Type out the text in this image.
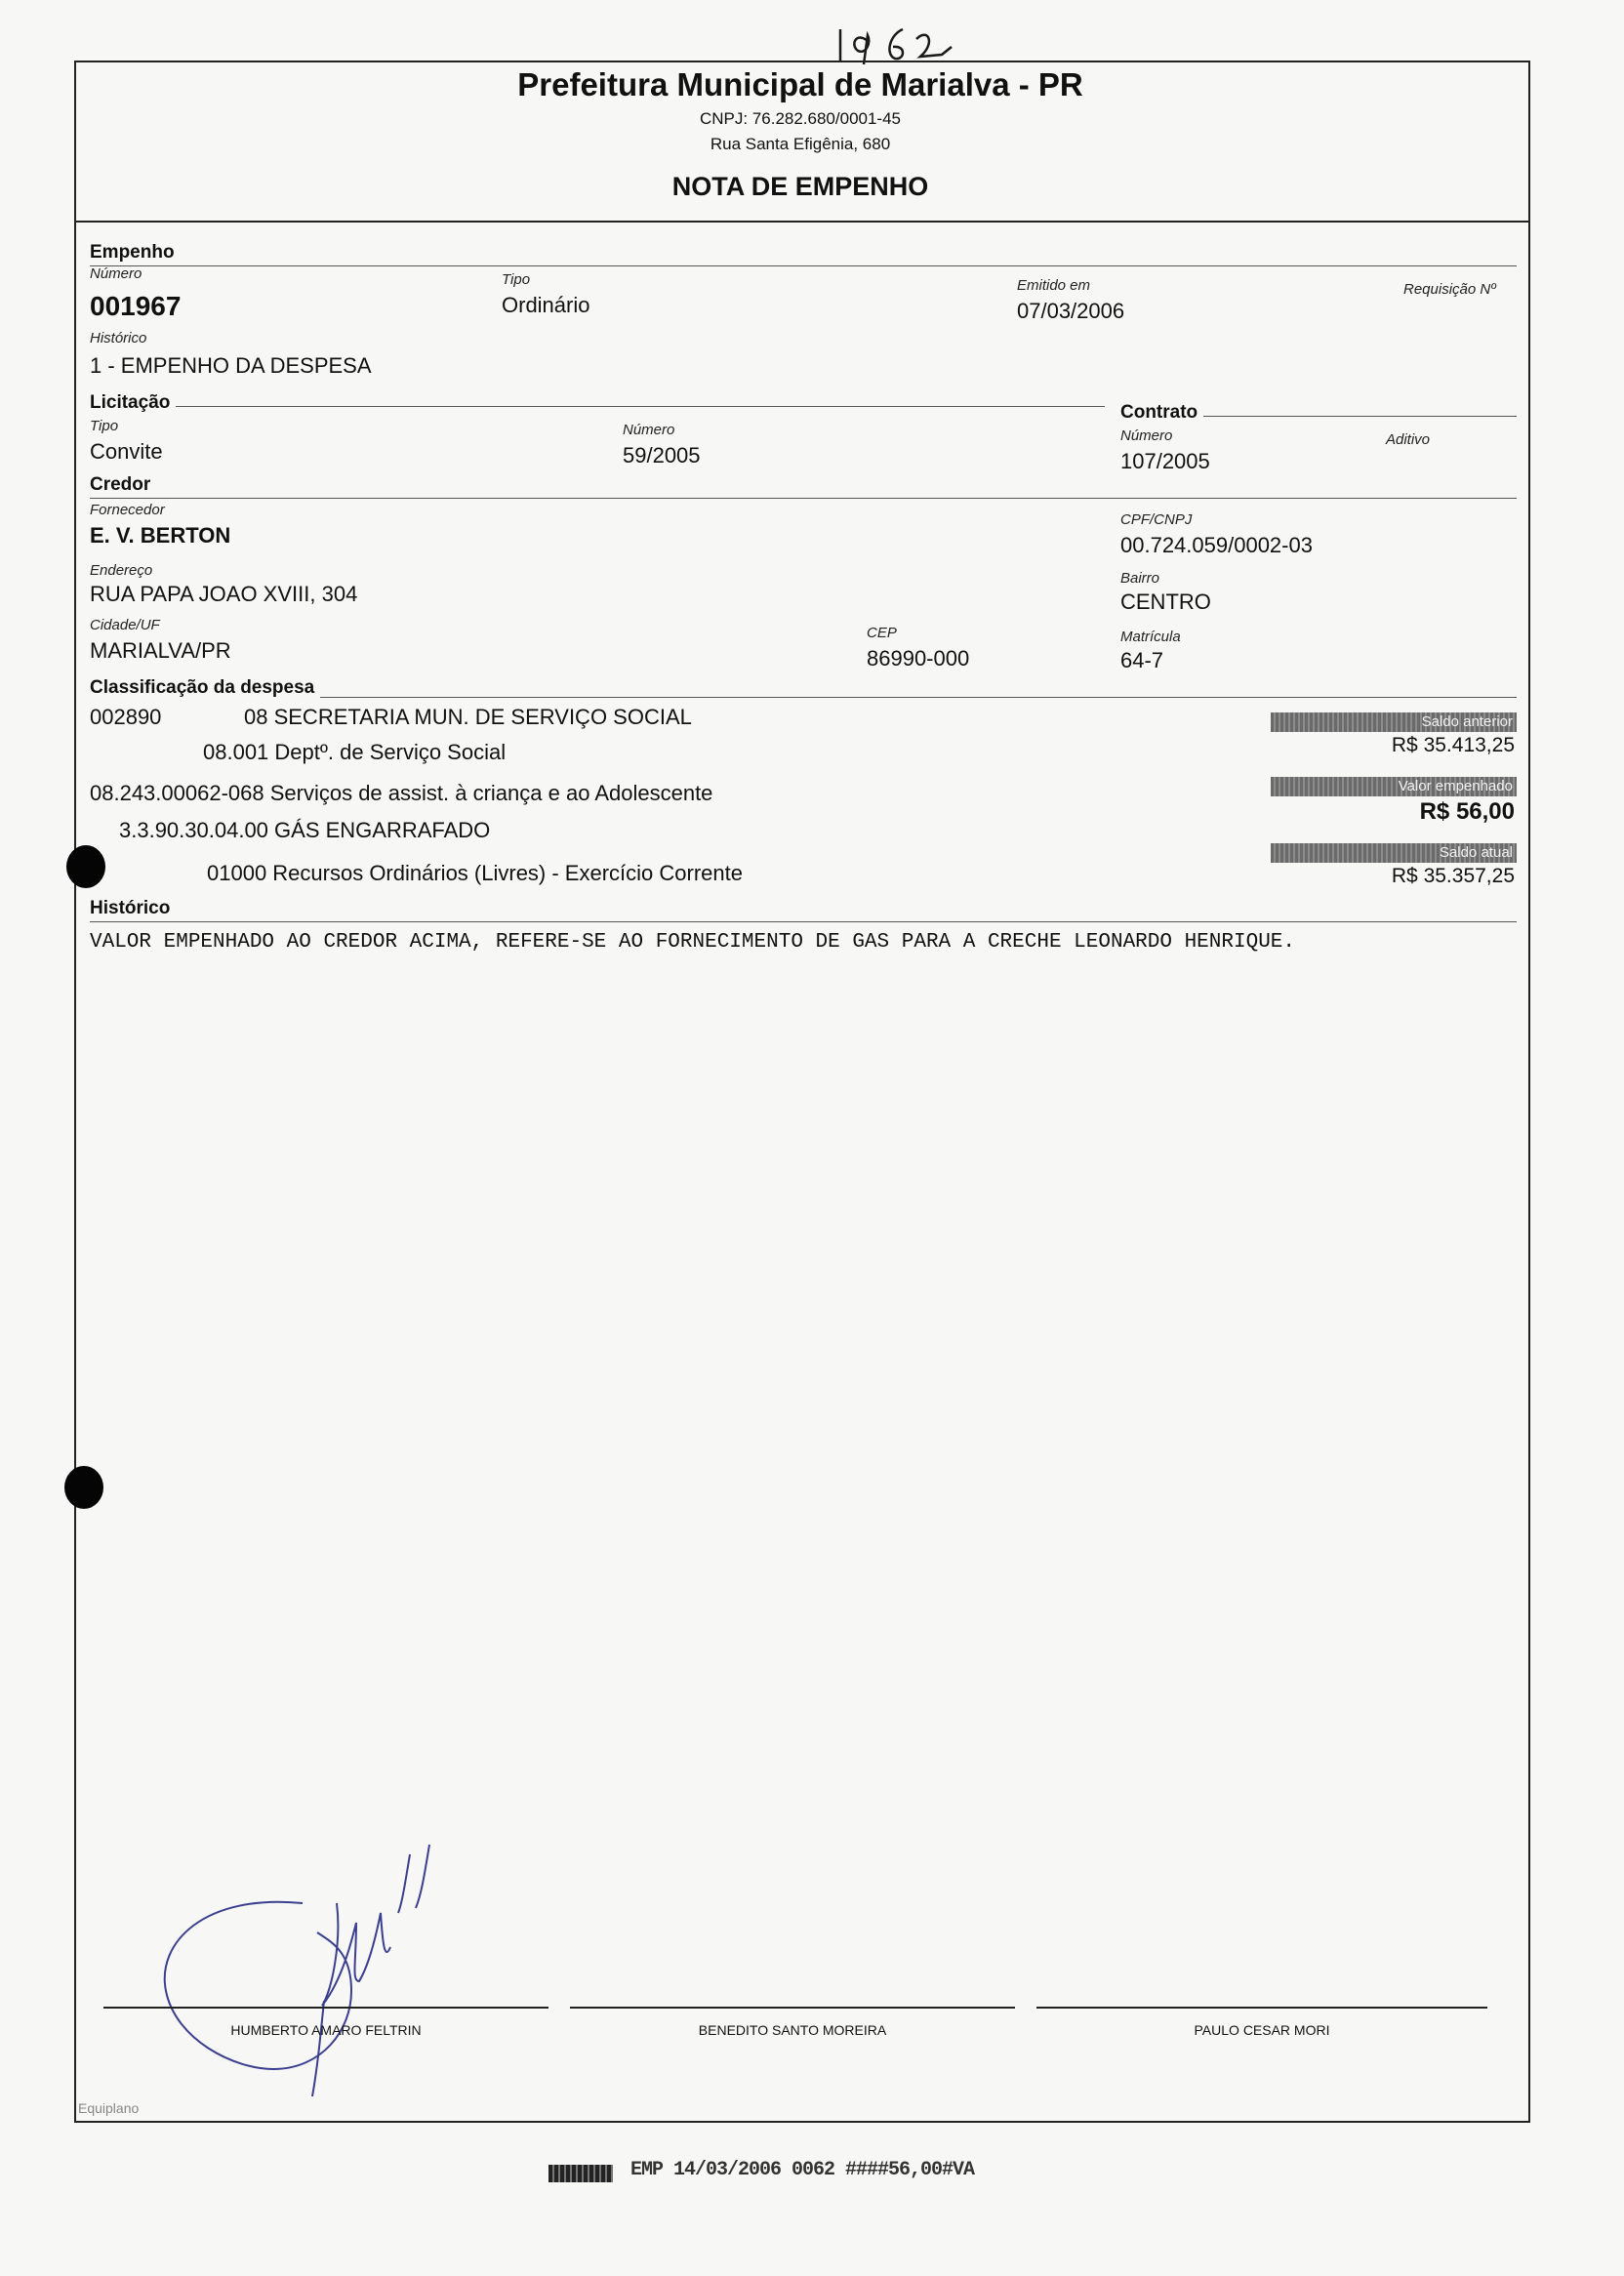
Prefeitura Municipal de Marialva - PR
CNPJ: 76.282.680/0001-45
Rua Santa Efigênia, 680
NOTA DE EMPENHO
Empenho
Número
001967
Tipo
Ordinário
Emitido em
07/03/2006
Requisição Nº
Histórico
1 - EMPENHO DA DESPESA
Licitação
Tipo
Convite
Número
59/2005
Contrato
Número
107/2005
Aditivo
Credor
Fornecedor
E. V. BERTON
CPF/CNPJ
00.724.059/0002-03
Endereço
RUA PAPA JOAO XVIII, 304
Bairro
CENTRO
Cidade/UF
MARIALVA/PR
CEP
86990-000
Matrícula
64-7
Classificação da despesa
002890	08 SECRETARIA MUN. DE SERVIÇO SOCIAL
08.001 Deptº. de Serviço Social
08.243.00062-068 Serviços de assist. à criança e ao Adolescente
3.3.90.30.04.00 GÁS ENGARRAFADO
01000 Recursos Ordinários (Livres) - Exercício Corrente
Saldo anterior
R$ 35.413,25
Valor empenhado
R$ 56,00
Saldo atual
R$ 35.357,25
Histórico
VALOR EMPENHADO AO CREDOR ACIMA, REFERE-SE AO FORNECIMENTO DE GAS PARA A CRECHE LEONARDO HENRIQUE.
HUMBERTO AMARO FELTRIN	BENEDITO SANTO MOREIRA	PAULO CESAR MORI
Equiplano
EMP 14/03/2006 0062 ####56,00#VA
